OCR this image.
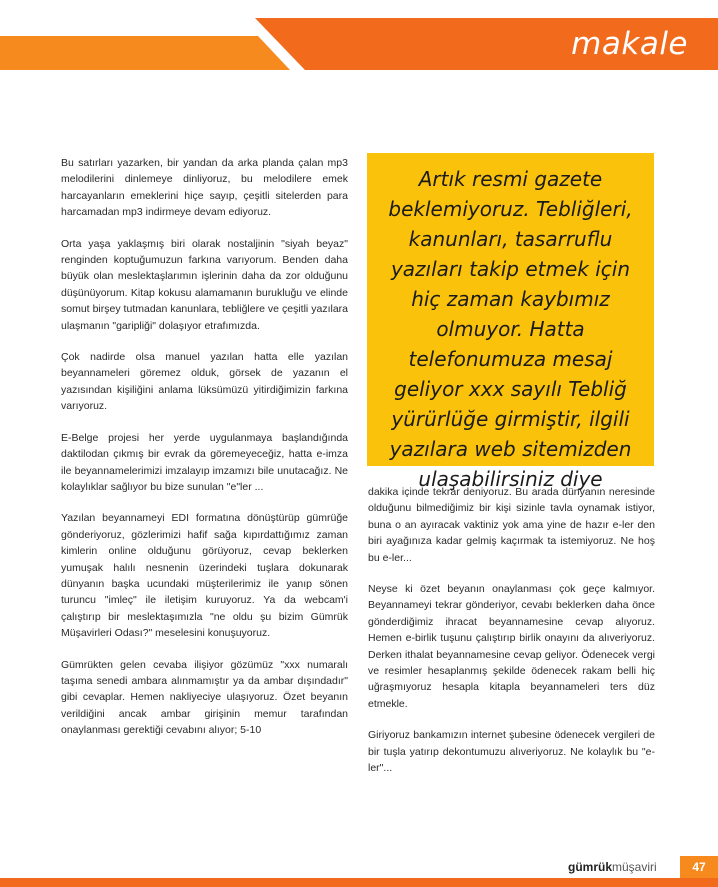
makale

Bu satırları yazarken, bir yandan da arka planda çalan mp3 melodilerini dinlemeye dinliyoruz, bu melodilere emek harcayanların emeklerini hiçe sayıp, çeşitli sitelerden para harcamadan mp3 indirmeye devam ediyoruz.

Orta yaşa yaklaşmış biri olarak nostaljinin "siyah beyaz" renginden koptuğumuzun farkına varıyorum. Benden daha büyük olan meslektaşlarımın işlerinin daha da zor olduğunu düşünüyorum. Kitap kokusu alamamanın burukluğu ve elinde somut birşey tutmadan kanunlara, tebliğlere ve çeşitli yazılara ulaşmanın "garipliği" dolaşıyor etrafımızda.

Çok nadirde olsa manuel yazılan hatta elle yazılan beyannameleri göremez olduk, görsek de yazanın el yazısından kişiliğini anlama lüksümüzü yitirdiğimizin farkına varıyoruz.

E-Belge projesi her yerde uygulanmaya başlandığında daktilodan çıkmış bir evrak da göremeyeceğiz, hatta e-imza ile beyannamelerimizi imzalayıp imzamızı bile unutacağız. Ne kolaylıklar sağlıyor bu bize sunulan "e"ler ...

Yazılan beyannameyi EDI formatına dönüştürüp gümrüğe gönderiyoruz, gözlerimizi hafif sağa kıpırdattığımız zaman kimlerin online olduğunu görüyoruz, cevap beklerken yumuşak halılı nesnenin üzerindeki tuşlara dokunarak dünyanın başka ucundaki müşterilerimiz ile yanıp sönen turuncu "imleç" ile iletişim kuruyoruz. Ya da webcam'i çalıştırıp bir meslektaşımızla "ne oldu şu bizim Gümrük Müşavirleri Odası?" meselesini konuşuyoruz.

Gümrükten gelen cevaba ilişiyor gözümüz "xxx numaralı taşıma senedi ambara alınmamıştır ya da ambar dışındadır" gibi cevaplar. Hemen nakliyeciye ulaşıyoruz. Özet beyanın verildiğini ancak ambar girişinin memur tarafından onaylanması gerektiği cevabını alıyor; 5-10

Artık resmi gazete beklemiyoruz. Tebliğleri, kanunları, tasarruflu yazıları takip etmek için hiç zaman kaybımız olmuyor. Hatta telefonumuza mesaj geliyor xxx sayılı Tebliğ yürürlüğe girmiştir, ilgili yazılara web sitemizden ulaşabilirsiniz diye

dakika içinde tekrar deniyoruz. Bu arada dünyanın neresinde olduğunu bilmediğimiz bir kişi sizinle tavla oynamak istiyor, buna o an ayıracak vaktiniz yok ama yine de hazır e-ler den biri ayağınıza kadar gelmiş kaçırmak ta istemiyoruz. Ne hoş bu e-ler...

Neyse ki özet beyanın onaylanması çok geçe kalmıyor. Beyannameyi tekrar gönderiyor, cevabı beklerken daha önce gönderdiğimiz ihracat beyannamesine cevap alıyoruz. Hemen e-birlik tuşunu çalıştırıp birlik onayını da alıveriyoruz. Derken ithalat beyannamesine cevap geliyor. Ödenecek vergi ve resimler hesaplanmış şekilde ödenecek rakam belli hiç uğraşmıyoruz hesapla kitapla beyannameleri ters düz etmekle.

Giriyoruz bankamızın internet şubesine ödenecek vergileri de bir tuşla yatırıp dekontumuzu alıveriyoruz. Ne kolaylık bu "e-ler"...

gümrükmüşaviri	47
